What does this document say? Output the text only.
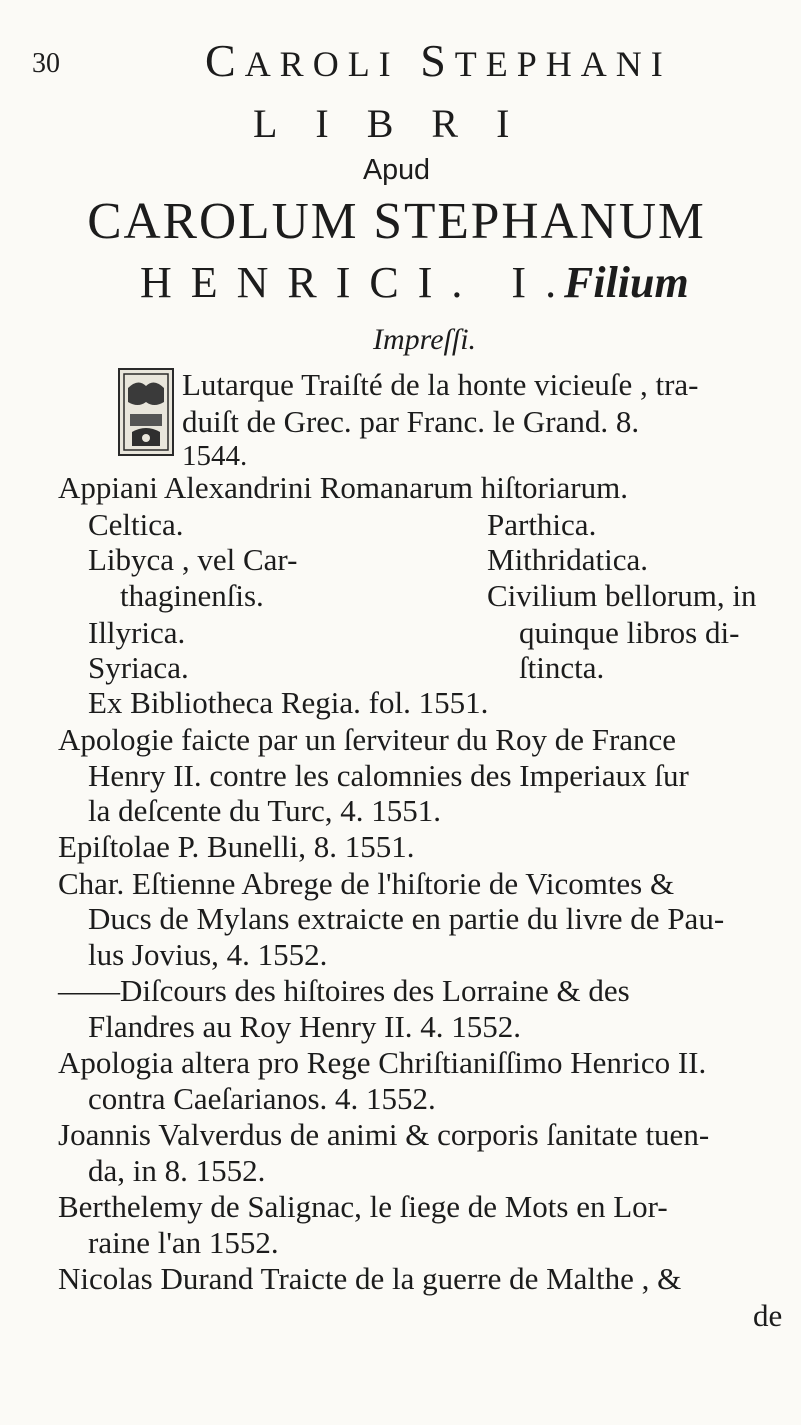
30	CAROLI STEPHANI
LIBRI
Apud
CAROLUM STEPHANUM
HENRICI. I.
Filium
Impreſſi.
Lutarque Traiſté de la honte vicieuſe , tra-
duiſt de Grec. par Franc. le Grand. 8.
1544.
Appiani Alexandrini Romanarum hiſtoriarum.
Celtica.
Libyca , vel Car-
thaginenſis.
Illyrica.
Syriaca.
Parthica.
Mithridatica.
Civilium bellorum, in
quinque libros di-
ſtincta.
Ex Bibliotheca Regia. fol. 1551.
Apologie faicte par un ſerviteur du Roy de France
Henry II. contre les calomnies des Imperiaux ſur
la deſcente du Turc, 4. 1551.
Epiſtolae P. Bunelli, 8. 1551.
Char. Eſtienne Abrege de l'hiſtorie de Vicomtes &
Ducs de Mylans extraicte en partie du livre de Pau-
lus Jovius, 4. 1552.
——Diſcours des hiſtoires des Lorraine & des
Flandres au Roy Henry II. 4. 1552.
Apologia altera pro Rege Chriſtianiſſimo Henrico II.
contra Caeſarianos. 4. 1552.
Joannis Valverdus de animi & corporis ſanitate tuen-
da, in 8. 1552.
Berthelemy de Salignac, le ſiege de Mots en Lor-
raine l'an 1552.
Nicolas Durand Traicte de la guerre de Malthe , &
de
